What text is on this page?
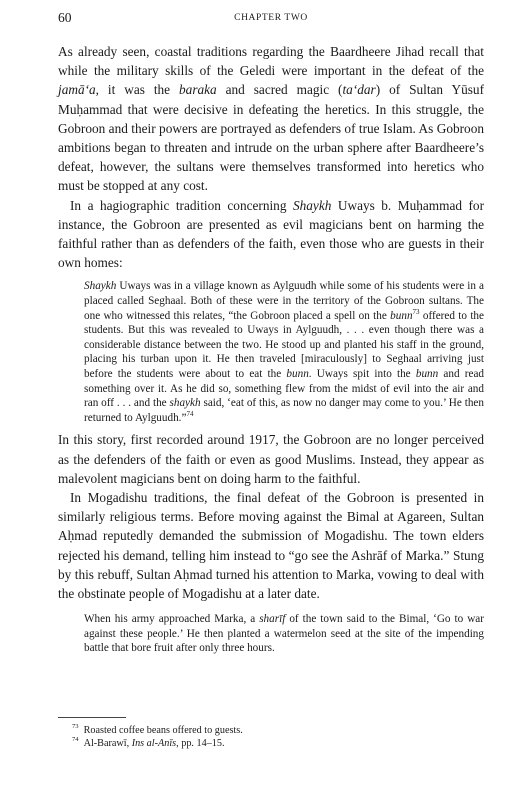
60	CHAPTER TWO

As already seen, coastal traditions regarding the Baardheere Jihad recall that while the military skills of the Geledi were important in the defeat of the jamā‘a, it was the baraka and sacred magic (ta‘dar) of Sultan Yūsuf Muḥammad that were decisive in defeating the heretics. In this struggle, the Gobroon and their powers are portrayed as defenders of true Islam. As Gobroon ambitions began to threaten and intrude on the urban sphere after Baardheere’s defeat, however, the sultans were themselves transformed into heretics who must be stopped at any cost.

In a hagiographic tradition concerning Shaykh Uways b. Muḥammad for instance, the Gobroon are presented as evil magicians bent on harming the faithful rather than as defenders of the faith, even those who are guests in their own homes:

Shaykh Uways was in a village known as Aylguudh while some of his students were in a placed called Seghaal. Both of these were in the territory of the Gobroon sultans. The one who witnessed this relates, “the Gobroon placed a spell on the bunn$^{73}$ offered to the students. But this was revealed to Uways in Aylguudh, . . . even though there was a considerable distance between the two. He stood up and planted his staff in the ground, placing his turban upon it. He then traveled [miraculously] to Seghaal arriving just before the students were about to eat the bunn. Uways spit into the bunn and read something over it. As he did so, something flew from the midst of evil into the air and ran off . . . and the shaykh said, ‘eat of this, as now no danger may come to you.’ He then returned to Aylguudh.”$^{74}$

In this story, first recorded around 1917, the Gobroon are no longer perceived as the defenders of the faith or even as good Muslims. Instead, they appear as malevolent magicians bent on doing harm to the faithful.

In Mogadishu traditions, the final defeat of the Gobroon is presented in similarly religious terms. Before moving against the Bimal at Agareen, Sultan Aḥmad reputedly demanded the submission of Mogadishu. The town elders rejected his demand, telling him instead to “go see the Ashrāf of Marka.” Stung by this rebuff, Sultan Aḥmad turned his attention to Marka, vowing to deal with the obstinate people of Mogadishu at a later date.

When his army approached Marka, a sharīf of the town said to the Bimal, ‘Go to war against these people.’ He then planted a watermelon seed at the site of the impending battle that bore fruit after only three hours.

$^{73}$ Roasted coffee beans offered to guests.

$^{74}$ Al-Barawī, Ins al-Anīs, pp. 14–15.
